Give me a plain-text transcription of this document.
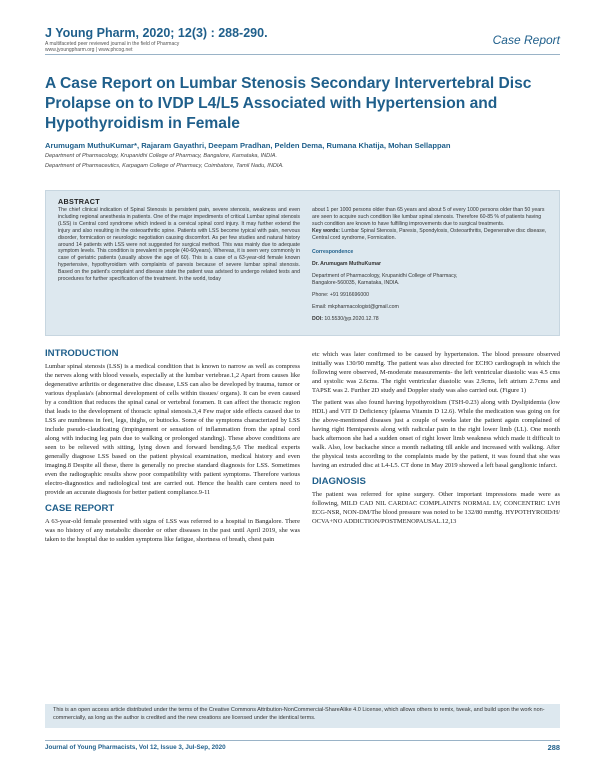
J Young Pharm, 2020; 12(3) : 288-290.
A multifaceted peer reviewed journal in the field of Pharmacy
www.jyoungpharm.org | www.phcog.net
Case Report
A Case Report on Lumbar Stenosis Secondary Intervertebral Disc Prolapse on to IVDP L4/L5 Associated with Hypertension and Hypothyroidism in Female
Arumugam MuthuKumar*, Rajaram Gayathri, Deepam Pradhan, Pelden Dema, Rumana Khatija, Mohan Sellappan
Department of Pharmacology, Krupanidhi College of Pharmacy, Bangalore, Karnataka, INDIA.
Department of Pharmaceutics, Karpagam College of Pharmacy, Coimbatore, Tamil Nadu, INDIA.
ABSTRACT
The chief clinical indication of Spinal Stenosis is persistent pain, severe stenosis, weakness and even including regional anesthesia in patients. One of the major impediments of critical Lumbar spinal stenosis (LSS) is Central cord syndrome which indeed is a cervical spinal cord injury. It may further extend the injury and also resulting in the osteoarthritic spine. Patients with LSS become typical with pain, nervous disorder, formication or neurologic negotiation causing discomfort. As per few studies and natural history around 14 patients with LSS were not suggested for surgical method. This was mainly due to adequate symptom levels. This condition is prevalent in people (40-60years). Whereas, it is seen very commonly in case of geriatric patients (usually above the age of 60). This is a case of a 63-year-old female known hypertensive, hypothyroidism with complaints of paresis because of severe lumbar spinal stenosis. Based on the patient's complaint and disease state the patient was advised to undergo related tests and procedures for further specification of the treatment. In the world, today
about 1 per 1000 persons older than 65 years and about 5 of every 1000 persons older than 50 years are seen to acquire such condition like lumbar spinal stenosis. Therefore 60-85 % of patients having such condition are known to have fulfilling improvements due to surgical treatments.
Key words: Lumbar Spinal Stenosis, Paresis, Spondylosis, Osteoarthritis, Degenerative disc disease, Central cord syndrome, Formication.
Correspondence
Dr. Arumugam MuthuKumar
Department of Pharmacology, Krupanidhi College of Pharmacy,
Bangalore-560035, Karnataka, INDIA.
Phone: +91 9916696000
Email: mkpharmacologist@gmail.com
DOI: 10.5530/jyp.2020.12.78
INTRODUCTION
Lumbar spinal stenosis (LSS) is a medical condition that is known to narrow as well as compress the nerves along with blood vessels, especially at the lumbar vertebrae.1,2 Apart from causes like degenerative arthritis or degenerative disc disease, LSS can also be developed by trauma, tumor or various dysplasia's (abnormal development of cells within tissues/ organs). It can be even caused by a condition that reduces the spinal canal or vertebral foramen. It can affect the thoracic region that leads to the development of thoracic spinal stenosis.3,4 Few major side effects caused due to LSS are numbness in feet, legs, thighs, or buttocks. Some of the symptoms characterized by LSS include pseudo-claudicating (impingement or sensation of inflammation from the spinal cord along with inducing leg pain due to walking or prolonged standing). These above conditions are seen to be relieved with sitting, lying down and forward bending.5,6 The medical experts generally diagnose LSS based on the patient physical examination, medical history and even imaging.8 Despite all these, there is generally no precise standard diagnosis for LSS. Sometimes even the radiographic results show poor compatibility with patient symptoms. Therefore various electro-diagnostics and radiological test are carried out. Hence the health care centers need to provide an accurate diagnosis for better patient compliance.9-11
CASE REPORT
A 63-year-old female presented with signs of LSS was referred to a hospital in Bangalore. There was no history of any metabolic disorder or other diseases in the past until April 2019, she was taken to the hospital due to sudden symptoms like fatigue, shortness of breath, chest pain
etc which was later confirmed to be caused by hypertension. The blood pressure observed initially was 130/90 mmHg. The patient was also directed for ECHO cardiograph in which the following were observed, M-moderate measurements- the left ventricular diastolic was 4.5 cms and systolic was 2.6cms. The right ventricular diastolic was 2.9cms, left atrium 2.7cms and TAPSE was 2. Further 2D study and Doppler study was also carried out. (Figure 1)
The patient was also found having hypothyroidism (TSH-0.23) along with Dyslipidemia (low HDL) and VIT D Deficiency (plasma Vitamin D 12.6). While the medication was going on for the above-mentioned diseases just a couple of weeks later the patient again complained of having right Hemiparesis along with radicular pain in the right lower limb (LL). One month back afternoon she had a sudden onset of right lower limb weakness which made it difficult to walk. Also, low backache since a month radiating till ankle and increased with walking. After the physical tests according to the complaints made by the patient, it was found that she was having an extruded disc at L4-L5. CT done in May 2019 showed a left basal ganglionic infarct.
DIAGNOSIS
The patient was referred for spine surgery. Other important impressions made were as following, MILD CAD NIL CARDIAC COMPLAINTS NORMAL LV, CONCENTRIC LVH ECG-NSR, NON-DM/The blood pressure was noted to be 132/80 mmHg. HYPOTHYROID/H/ OCVA+NO ADDICTION/POSTMENOPAUSAL.12,13
This is an open access article distributed under the terms of the Creative Commons Attribution-NonCommercial-ShareAlike 4.0 License, which allows others to remix, tweak, and build upon the work non-commercially, as long as the author is credited and the new creations are licensed under the identical terms.
Journal of Young Pharmacists, Vol 12, Issue 3, Jul-Sep, 2020	288
